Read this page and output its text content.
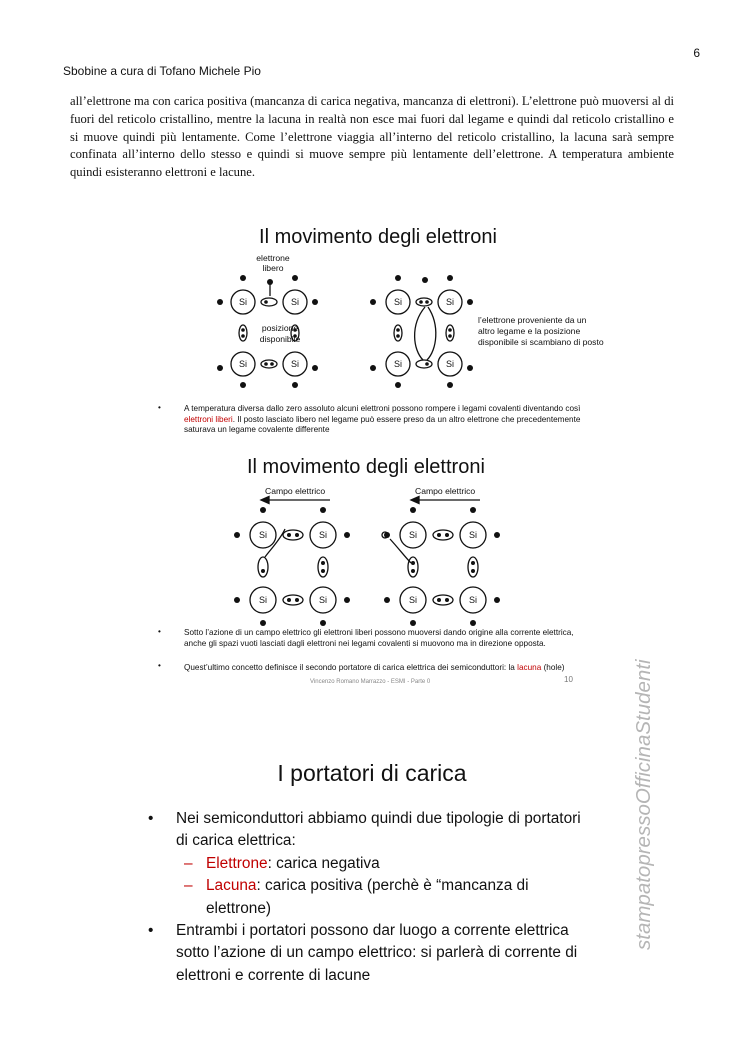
6
Sbobine a cura di Tofano Michele Pio
all’elettrone ma con carica positiva (mancanza di carica negativa, mancanza di elettroni). L’elettrone può muoversi al di fuori del reticolo cristallino, mentre la lacuna in realtà non esce mai fuori dal legame e quindi dal reticolo cristallino e si muove quindi più lentamente. Come l’elettrone viaggia all’interno del reticolo cristallino, la lacuna sarà sempre confinata all’interno dello stesso e quindi si muove sempre più lentamente dell’elettrone. A temperatura ambiente quindi esisteranno elettroni e lacune.
Il movimento degli elettroni
Si	Si
Si	Si
Si	Si
Si	Si
elettrone libero
posizione disponibile
l’elettrone proveniente da un altro legame e la posizione disponibile si scambiano di posto
•	A temperatura diversa dallo zero assoluto alcuni elettroni possono rompere i legami covalenti diventando così elettroni liberi. Il posto lasciato libero nel legame può essere preso da un altro elettrone che precedentemente saturava un legame covalente differente
Il movimento degli elettroni
Campo elettrico	Campo elettrico
Si	Si
Si	Si
Si	Si
Si	Si
•	Sotto l’azione di un campo elettrico gli elettroni liberi possono muoversi dando origine alla corrente elettrica, anche gli spazi vuoti lasciati dagli elettroni nei legami covalenti si muovono ma in direzione opposta.
•	Quest’ultimo concetto definisce il secondo portatore di carica elettrica dei semiconduttori: la lacuna (hole)
Vincenzo Romano Marrazzo - ESMI - Parte 0	10	stampatopressoOfficinaStudenti
I portatori di carica
• Nei semiconduttori abbiamo quindi due tipologie di portatori di carica elettrica:
– Elettrone: carica negativa
– Lacuna: carica positiva (perchè è “mancanza di elettrone)
• Entrambi i portatori possono dar luogo a corrente elettrica sotto l’azione di un campo elettrico: si parlerà di corrente di elettroni e corrente di lacune
